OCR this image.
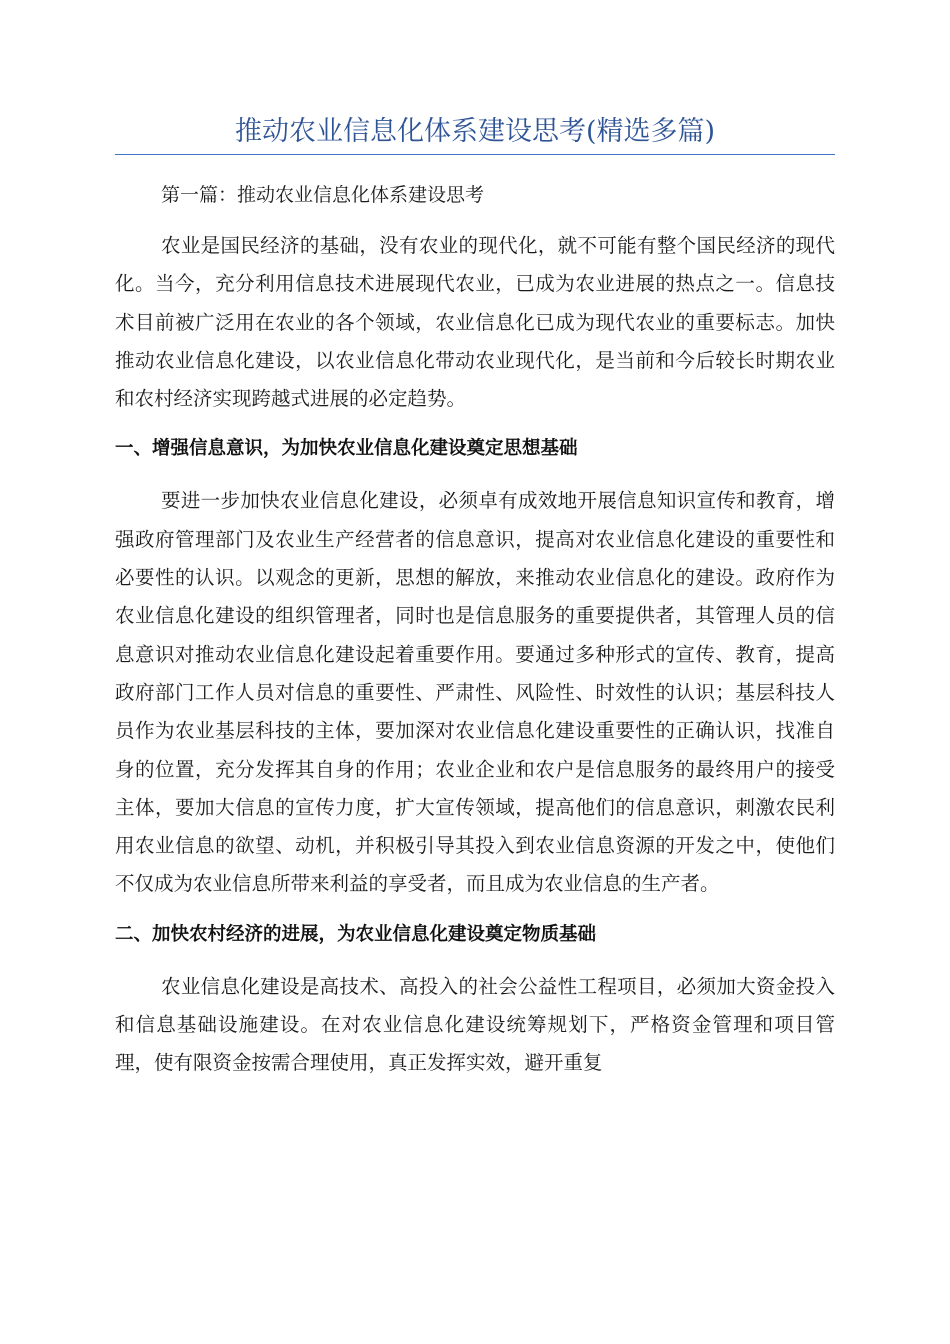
推动农业信息化体系建设思考(精选多篇)

第一篇：推动农业信息化体系建设思考

农业是国民经济的基础，没有农业的现代化，就不可能有整个国民经济的现代化。当今，充分利用信息技术进展现代农业，已成为农业进展的热点之一。信息技术目前被广泛用在农业的各个领域，农业信息化已成为现代农业的重要标志。加快推动农业信息化建设，以农业信息化带动农业现代化，是当前和今后较长时期农业和农村经济实现跨越式进展的必定趋势。

一、增强信息意识，为加快农业信息化建设奠定思想基础

要进一步加快农业信息化建设，必须卓有成效地开展信息知识宣传和教育，增强政府管理部门及农业生产经营者的信息意识，提高对农业信息化建设的重要性和必要性的认识。以观念的更新，思想的解放，来推动农业信息化的建设。政府作为农业信息化建设的组织管理者，同时也是信息服务的重要提供者，其管理人员的信息意识对推动农业信息化建设起着重要作用。要通过多种形式的宣传、教育，提高政府部门工作人员对信息的重要性、严肃性、风险性、时效性的认识；基层科技人员作为农业基层科技的主体，要加深对农业信息化建设重要性的正确认识，找准自身的位置，充分发挥其自身的作用；农业企业和农户是信息服务的最终用户的接受主体，要加大信息的宣传力度，扩大宣传领域，提高他们的信息意识，刺激农民利用农业信息的欲望、动机，并积极引导其投入到农业信息资源的开发之中，使他们不仅成为农业信息所带来利益的享受者，而且成为农业信息的生产者。

二、加快农村经济的进展，为农业信息化建设奠定物质基础

农业信息化建设是高技术、高投入的社会公益性工程项目，必须加大资金投入和信息基础设施建设。在对农业信息化建设统筹规划下，严格资金管理和项目管理，使有限资金按需合理使用，真正发挥实效，避开重复
